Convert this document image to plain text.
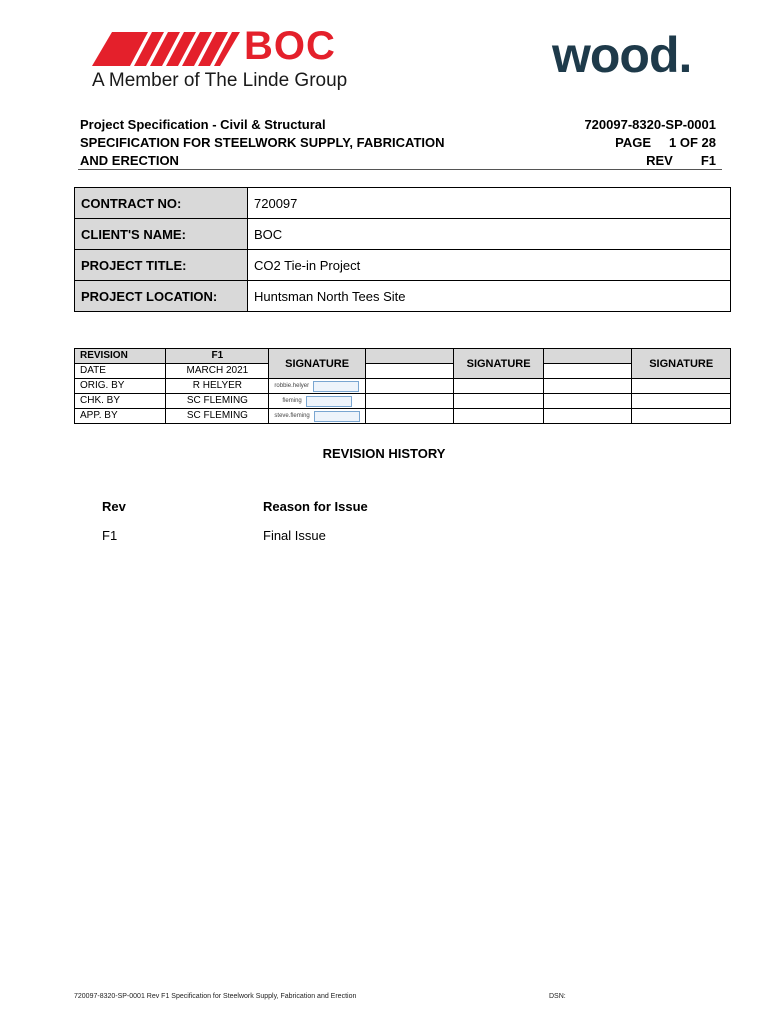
BOC
A Member of The Linde Group	wood.
Project Specification - Civil & Structural
SPECIFICATION FOR STEELWORK SUPPLY, FABRICATION
AND ERECTION
720097-8320-SP-0001
PAGE 1 OF 28
REV F1
CONTRACT NO:	720097
CLIENT'S NAME:	BOC
PROJECT TITLE:	CO2 Tie-in Project
PROJECT LOCATION:	Huntsman North Tees Site
REVISION	F1	SIGNATURE		SIGNATURE		SIGNATURE
DATE	MARCH 2021					
ORIG. BY	R HELYER	robbie.helyer				

CHK. BY	SC FLEMING	fleming				

APP. BY	SC FLEMING	steve.fleming				

REVISION HISTORY
Rev	Reason for Issue
F1	Final Issue
720097-8320-SP-0001 Rev F1 Specification for Steelwork Supply, Fabrication and Erection	DSN:
